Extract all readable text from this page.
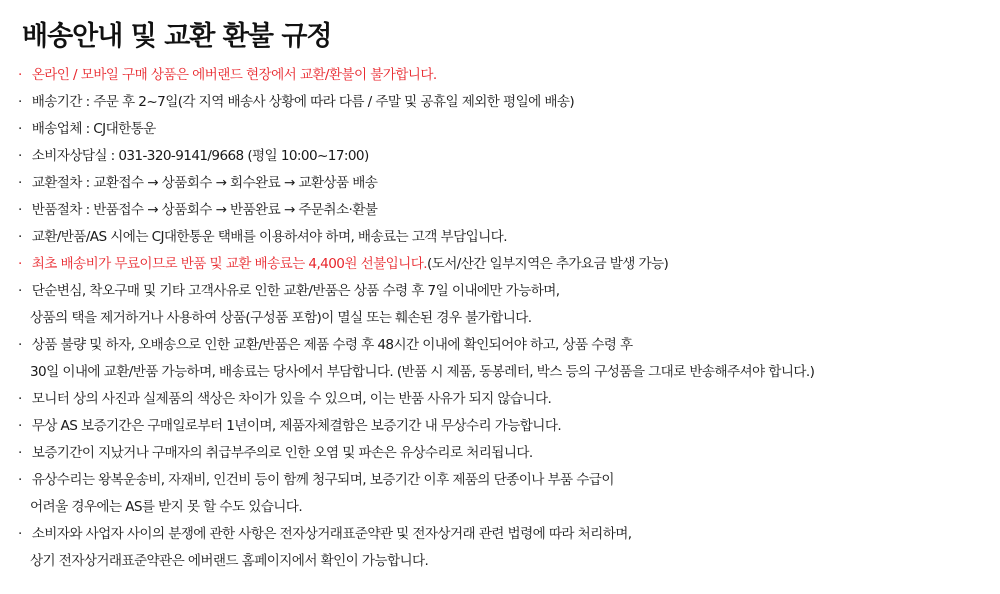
배송안내 및 교환 환불 규정
· 온라인 / 모바일 구매 상품은 에버랜드 현장에서 교환/환불이 불가합니다.
· 배송기간 : 주문 후 2~7일(각 지역 배송사 상황에 따라 다름 / 주말 및 공휴일 제외한 평일에 배송)
· 배송업체 : CJ대한통운
· 소비자상담실 : 031-320-9141/9668 (평일 10:00~17:00)
· 교환절차 : 교환접수 → 상품회수 → 회수완료 → 교환상품 배송
· 반품절차 : 반품접수 → 상품회수 → 반품완료 → 주문취소·환불
· 교환/반품/AS 시에는 CJ대한통운 택배를 이용하셔야 하며, 배송료는 고객 부담입니다.
· 최초 배송비가 무료이므로 반품 및 교환 배송료는 4,400원 선불입니다.(도서/산간 일부지역은 추가요금 발생 가능)
· 단순변심, 착오구매 및 기타 고객사유로 인한 교환/반품은 상품 수령 후 7일 이내에만 가능하며,
상품의 택을 제거하거나 사용하여 상품(구성품 포함)이 멸실 또는 훼손된 경우 불가합니다.
· 상품 불량 및 하자, 오배송으로 인한 교환/반품은 제품 수령 후 48시간 이내에 확인되어야 하고, 상품 수령 후
30일 이내에 교환/반품 가능하며, 배송료는 당사에서 부담합니다. (반품 시 제품, 동봉레터, 박스 등의 구성품을 그대로 반송해주셔야 합니다.)
· 모니터 상의 사진과 실제품의 색상은 차이가 있을 수 있으며, 이는 반품 사유가 되지 않습니다.
· 무상 AS 보증기간은 구매일로부터 1년이며, 제품자체결함은 보증기간 내 무상수리 가능합니다.
· 보증기간이 지났거나 구매자의 취급부주의로 인한 오염 및 파손은 유상수리로 처리됩니다.
· 유상수리는 왕복운송비, 자재비, 인건비 등이 함께 청구되며, 보증기간 이후 제품의 단종이나 부품 수급이
어려울 경우에는 AS를 받지 못 할 수도 있습니다.
· 소비자와 사업자 사이의 분쟁에 관한 사항은 전자상거래표준약관 및 전자상거래 관련 법령에 따라 처리하며,
상기 전자상거래표준약관은 에버랜드 홈페이지에서 확인이 가능합니다.
